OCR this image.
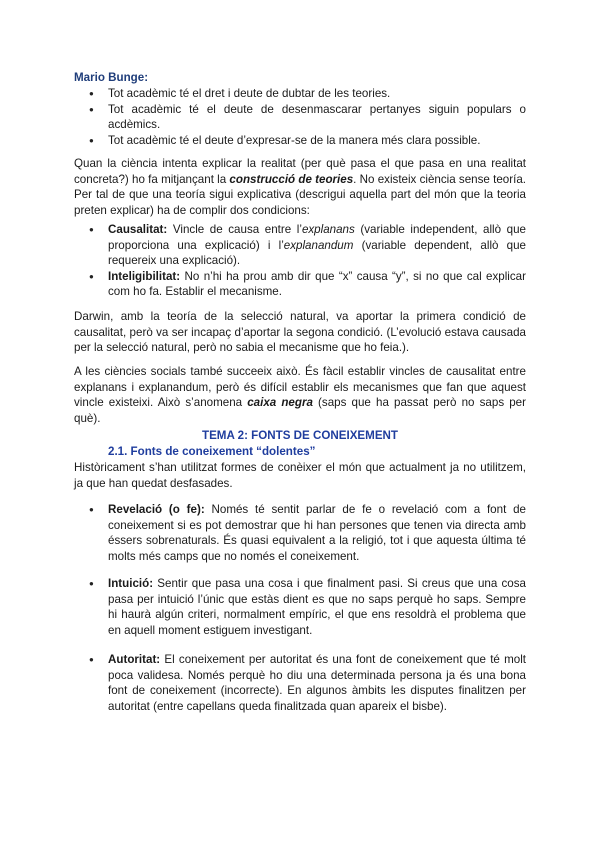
Mario Bunge:
● Tot acadèmic té el dret i deute de dubtar de les teories.
● Tot acadèmic té el deute de desenmascarar pertanyes siguin populars o acdèmics.
● Tot acadèmic té el deute d’expresar-se de la manera més clara possible.

Quan la ciència intenta explicar la realitat (per què pasa el que pasa en una realitat concreta?) ho fa mitjançant la construcció de teories. No existeix ciència sense teoría. Per tal de que una teoría sigui explicativa (descrigui aquella part del món que la teoria preten explicar) ha de complir dos condicions:

● Causalitat: Vincle de causa entre l’explanans (variable independent, allò que proporciona una explicació) i l’explanandum (variable dependent, allò que requereix una explicació).
● Inteligibilitat: No n’hi ha prou amb dir que “x” causa “y”, si no que cal explicar com ho fa. Establir el mecanisme.

Darwin, amb la teoría de la selecció natural, va aportar la primera condició de causalitat, però va ser incapaç d’aportar la segona condició. (L’evolució estava causada per la selecció natural, però no sabia el mecanisme que ho feia.).

A les ciències socials també succeeix això. És fàcil establir vincles de causalitat entre explanans i explanandum, però és difícil establir els mecanismes que fan que aquest vincle existeixi. Això s’anomena caixa negra (saps que ha passat però no saps per què).

TEMA 2: FONTS DE CONEIXEMENT
2.1. Fonts de coneixement “dolentes”

Històricament s’han utilitzat formes de conèixer el món que actualment ja no utilitzem, ja que han quedat desfasades.

● Revelació (o fe): Només té sentit parlar de fe o revelació com a font de coneixement si es pot demostrar que hi han persones que tenen via directa amb éssers sobrenaturals. És quasi equivalent a la religió, tot i que aquesta última té molts més camps que no només el coneixement.
● Intuició: Sentir que pasa una cosa i que finalment pasi. Si creus que una cosa pasa per intuició l’únic que estàs dient es que no saps perquè ho saps. Sempre hi haurà algún criteri, normalment empíric, el que ens resoldrà el problema que en aquell moment estiguem investigant.
● Autoritat: El coneixement per autoritat és una font de coneixement que té molt poca validesa. Només perquè ho diu una determinada persona ja és una bona font de coneixement (incorrecte). En algunos àmbits les disputes finalitzen per autoritat (entre capellans queda finalitzada quan apareix el bisbe).
